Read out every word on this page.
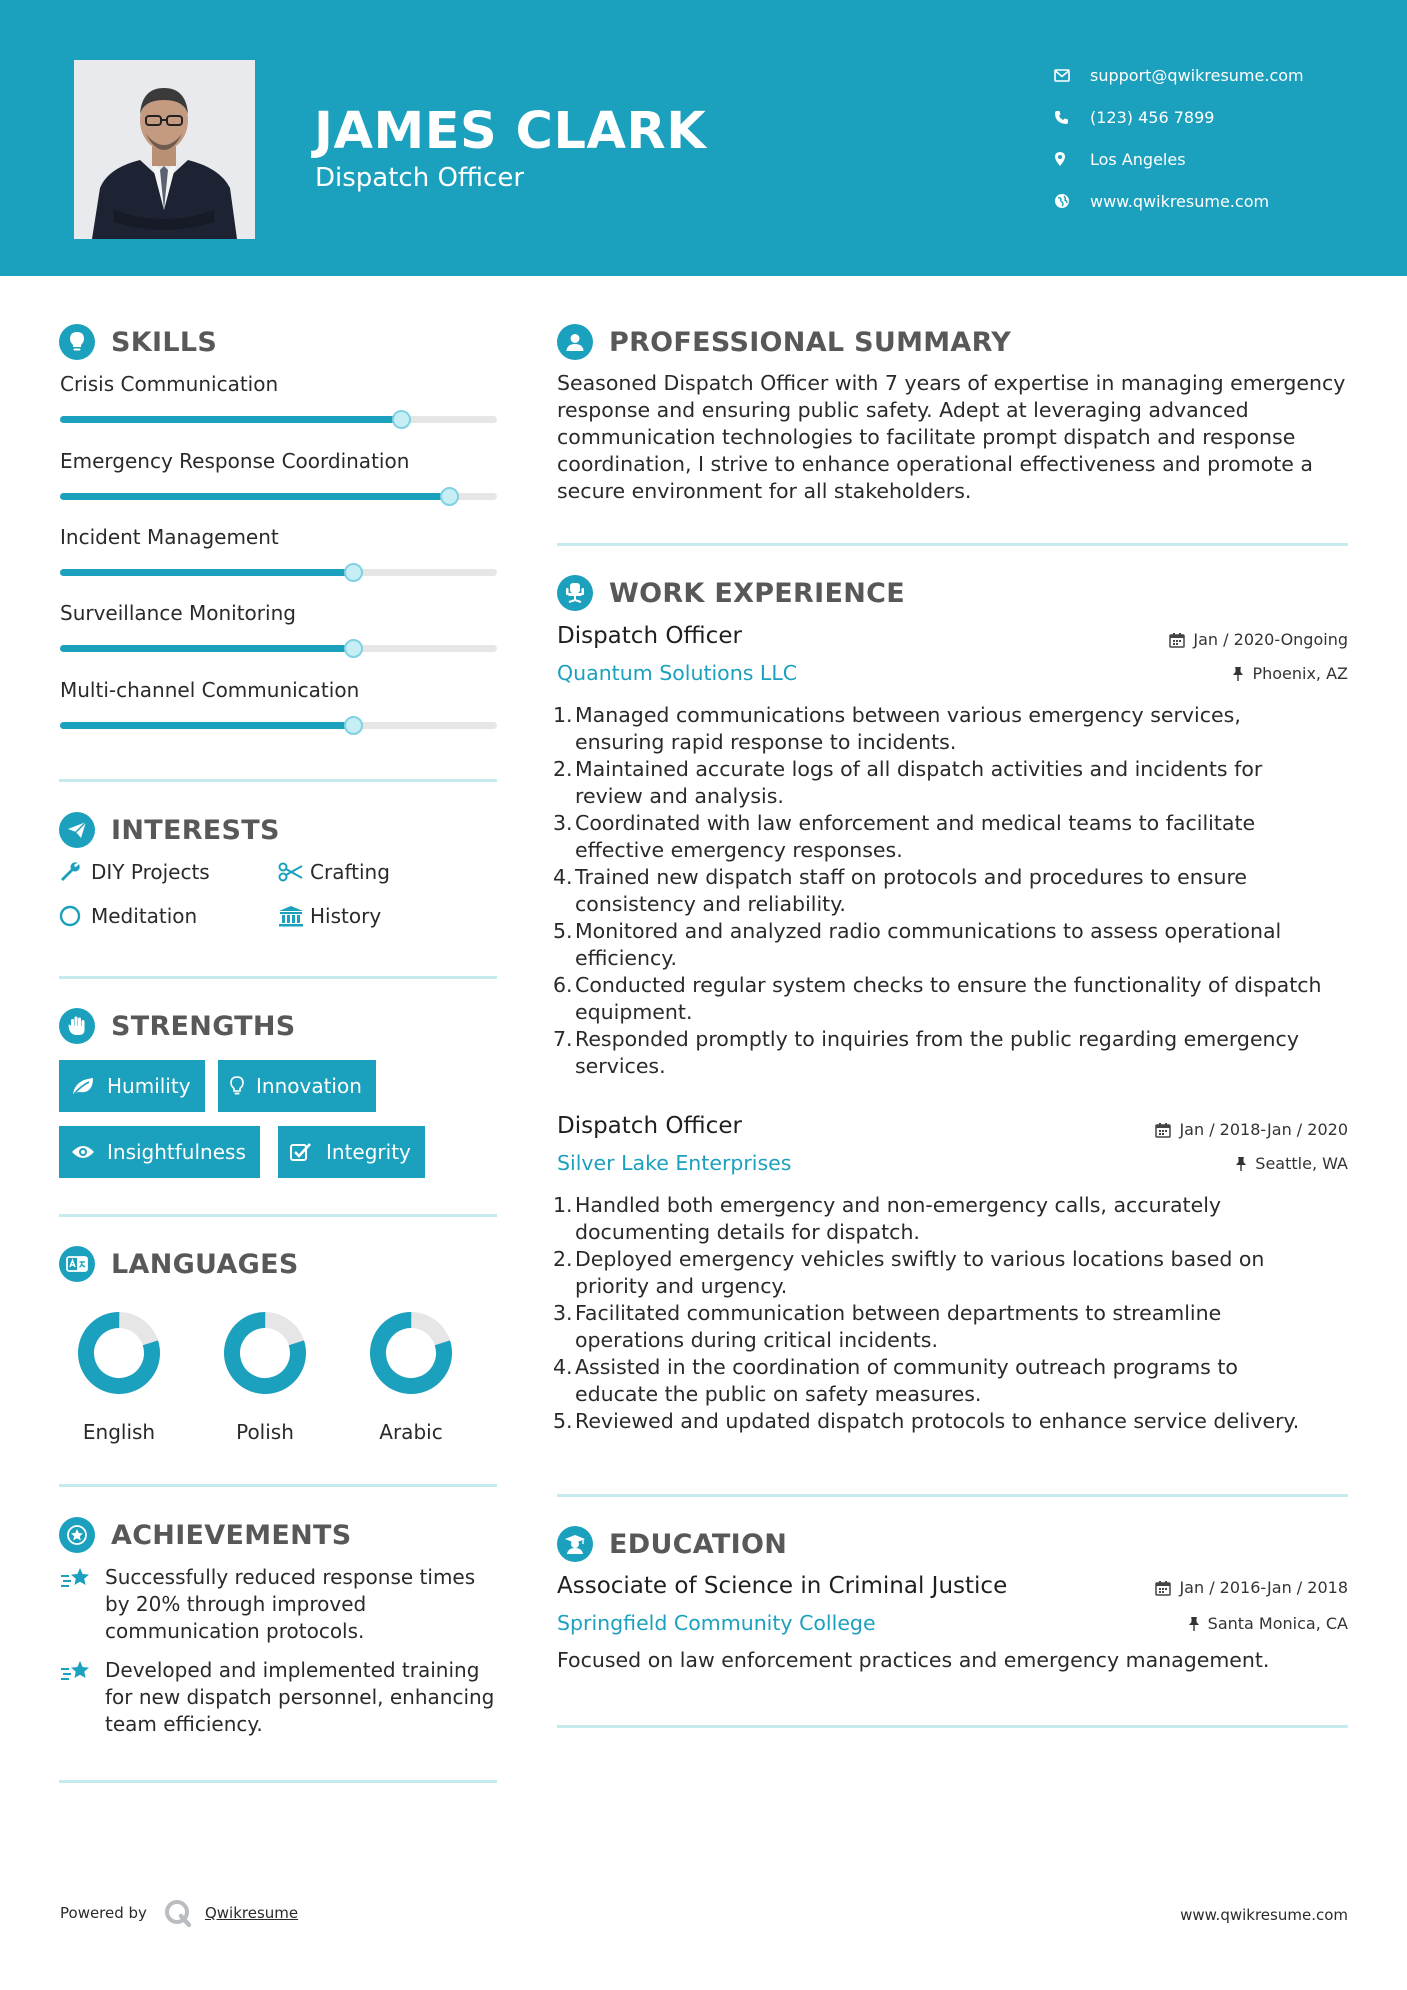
JAMES CLARK
Dispatch Officer
support@qwikresume.com
(123) 456 7899
Los Angeles
www.qwikresume.com
SKILLS
Crisis Communication
Emergency Response Coordination
Incident Management
Surveillance Monitoring
Multi-channel Communication
INTERESTS
DIY Projects	Crafting
Meditation	History
STRENGTHS
Humility	Innovation
Insightfulness	Integrity
LANGUAGES
English	Polish	Arabic
ACHIEVEMENTS
Successfully reduced response times by 20% through improved communication protocols.
Developed and implemented training for new dispatch personnel, enhancing team efficiency.
PROFESSIONAL SUMMARY

Seasoned Dispatch Officer with 7 years of expertise in managing emergency response and ensuring public safety. Adept at leveraging advanced communication technologies to facilitate prompt dispatch and response coordination, I strive to enhance operational effectiveness and promote a secure environment for all stakeholders.

WORK EXPERIENCE
Dispatch Officer	Jan / 2020-Ongoing
Quantum Solutions LLC	Phoenix, AZ
1. Managed communications between various emergency services,
ensuring rapid response to incidents.
2. Maintained accurate logs of all dispatch activities and incidents for
review and analysis.
3. Coordinated with law enforcement and medical teams to facilitate
effective emergency responses.
4. Trained new dispatch staff on protocols and procedures to ensure
consistency and reliability.
5. Monitored and analyzed radio communications to assess operational
efficiency.
6. Conducted regular system checks to ensure the functionality of dispatch
equipment.
7. Responded promptly to inquiries from the public regarding emergency
services.
Dispatch Officer	Jan / 2018-Jan / 2020
Silver Lake Enterprises	Seattle, WA
1. Handled both emergency and non-emergency calls, accurately
documenting details for dispatch.
2. Deployed emergency vehicles swiftly to various locations based on
priority and urgency.
3. Facilitated communication between departments to streamline
operations during critical incidents.
4. Assisted in the coordination of community outreach programs to
educate the public on safety measures.
5. Reviewed and updated dispatch protocols to enhance service delivery.
EDUCATION
Associate of Science in Criminal Justice	Jan / 2016-Jan / 2018
Springfield Community College	Santa Monica, CA
Focused on law enforcement practices and emergency management.
Powered by	Qwikresume	www.qwikresume.com
